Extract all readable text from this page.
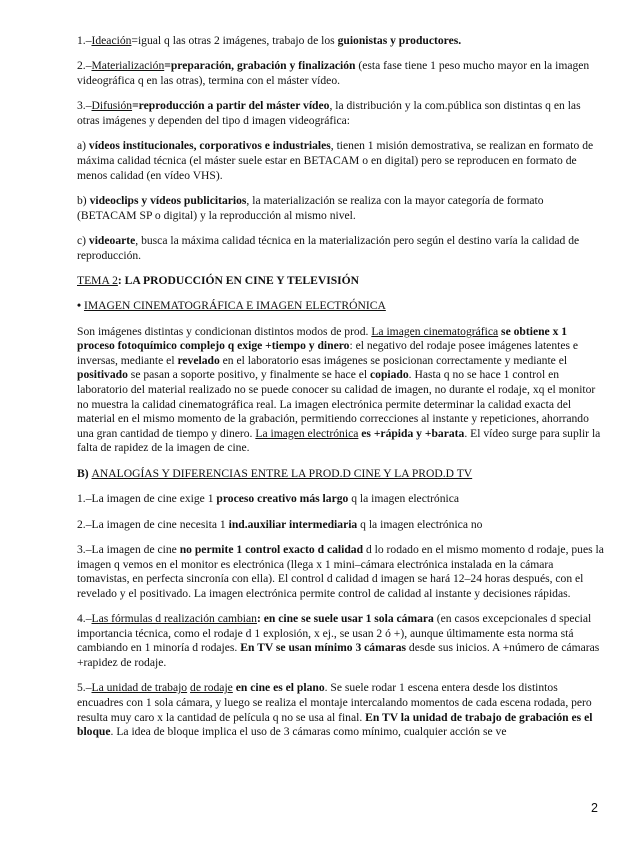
1.–Ideación=igual q las otras 2 imágenes, trabajo de los guionistas y productores.

2.–Materialización=preparación, grabación y finalización (esta fase tiene 1 peso mucho mayor en la imagen videográfica q en las otras), termina con el máster vídeo.

3.–Difusión=reproducción a partir del máster vídeo, la distribución y la com.pública son distintas q en las otras imágenes y dependen del tipo d imagen videográfica:

a) vídeos institucionales, corporativos e industriales, tienen 1 misión demostrativa, se realizan en formato de máxima calidad técnica (el máster suele estar en BETACAM o en digital) pero se reproducen en formato de menos calidad (en vídeo VHS).

b) videoclips y vídeos publicitarios, la materialización se realiza con la mayor categoría de formato (BETACAM SP o digital) y la reproducción al mismo nivel.

c) videoarte, busca la máxima calidad técnica en la materialización pero según el destino varía la calidad de reproducción.

TEMA 2: LA PRODUCCIÓN EN CINE Y TELEVISIÓN

• IMAGEN CINEMATOGRÁFICA E IMAGEN ELECTRÓNICA

Son imágenes distintas y condicionan distintos modos de prod. La imagen cinematográfica se obtiene x 1 proceso fotoquímico complejo q exige +tiempo y dinero: el negativo del rodaje posee imágenes latentes e inversas, mediante el revelado en el laboratorio esas imágenes se posicionan correctamente y mediante el positivado se pasan a soporte positivo, y finalmente se hace el copiado. Hasta q no se hace 1 control en laboratorio del material realizado no se puede conocer su calidad de imagen, no durante el rodaje, xq el monitor no muestra la calidad cinematográfica real. La imagen electrónica permite determinar la calidad exacta del material en el mismo momento de la grabación, permitiendo correcciones al instante y repeticiones, ahorrando una gran cantidad de tiempo y dinero. La imagen electrónica es +rápida y +barata. El vídeo surge para suplir la falta de rapidez de la imagen de cine.

B) ANALOGÍAS Y DIFERENCIAS ENTRE LA PROD.D CINE Y LA PROD.D TV

1.–La imagen de cine exige 1 proceso creativo más largo q la imagen electrónica

2.–La imagen de cine necesita 1 ind.auxiliar intermediaria q la imagen electrónica no

3.–La imagen de cine no permite 1 control exacto d calidad d lo rodado en el mismo momento d rodaje, pues la imagen q vemos en el monitor es electrónica (llega x 1 mini–cámara electrónica instalada en la cámara tomavistas, en perfecta sincronía con ella). El control d calidad d imagen se hará 12–24 horas después, con el revelado y el positivado. La imagen electrónica permite control de calidad al instante y decisiones rápidas.

4.–Las fórmulas d realización cambian: en cine se suele usar 1 sola cámara (en casos excepcionales d special importancia técnica, como el rodaje d 1 explosión, x ej., se usan 2 ó +), aunque últimamente esta norma stá cambiando en 1 minoría d rodajes. En TV se usan mínimo 3 cámaras desde sus inicios. A +número de cámaras +rapidez de rodaje.

5.–La unidad de trabajo de rodaje en cine es el plano. Se suele rodar 1 escena entera desde los distintos encuadres con 1 sola cámara, y luego se realiza el montaje intercalando momentos de cada escena rodada, pero resulta muy caro x la cantidad de película q no se usa al final. En TV la unidad de trabajo de grabación es el bloque. La idea de bloque implica el uso de 3 cámaras como mínimo, cualquier acción se ve

2
